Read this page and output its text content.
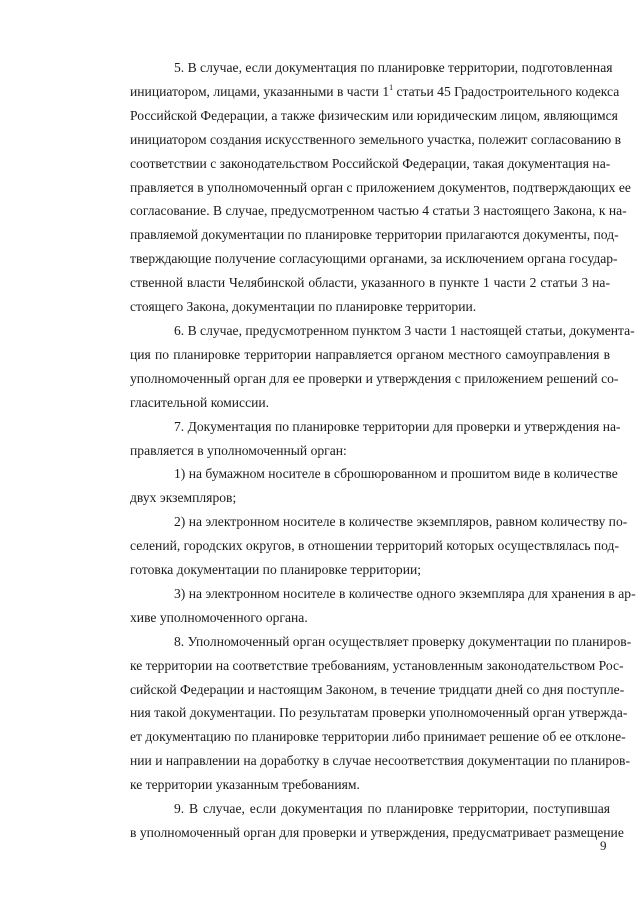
5. В случае, если документация по планировке территории, подготовленная
инициатором, лицами, указанными в части $1^1$ статьи 45 Градостроительного кодекса
Российской Федерации, а также физическим или юридическим лицом, являющимся
инициатором создания искусственного земельного участка, полежит согласованию в
соответствии с законодательством Российской Федерации, такая документация на-
правляется в уполномоченный орган с приложением документов, подтверждающих ее
согласование. В случае, предусмотренном частью 4 статьи 3 настоящего Закона, к на-
правляемой документации по планировке территории прилагаются документы, под-
тверждающие получение согласующими органами, за исключением органа государ-
ственной власти Челябинской области, указанного в пункте 1 части 2 статьи 3 на-
стоящего Закона, документации по планировке территории.

6. В случае, предусмотренном пунктом 3 части 1 настоящей статьи, документа-
ция по планировке территории направляется органом местного самоуправления в
уполномоченный орган для ее проверки и утверждения с приложением решений со-
гласительной комиссии.

7. Документация по планировке территории для проверки и утверждения на-
правляется в уполномоченный орган:

1) на бумажном носителе в сброшюрованном и прошитом виде в количестве
двух экземпляров;

2) на электронном носителе в количестве экземпляров, равном количеству по-
селений, городских округов, в отношении территорий которых осуществлялась под-
готовка документации по планировке территории;

3) на электронном носителе в количестве одного экземпляра для хранения в ар-
хиве уполномоченного органа.

8. Уполномоченный орган осуществляет проверку документации по планиров-
ке территории на соответствие требованиям, установленным законодательством Рос-
сийской Федерации и настоящим Законом, в течение тридцати дней со дня поступле-
ния такой документации. По результатам проверки уполномоченный орган утвержда-
ет документацию по планировке территории либо принимает решение об ее отклоне-
нии и направлении на доработку в случае несоответствия документации по планиров-
ке территории указанным требованиям.

9. В случае, если документация по планировке территории, поступившая
в уполномоченный орган для проверки и утверждения, предусматривает размещение

9
